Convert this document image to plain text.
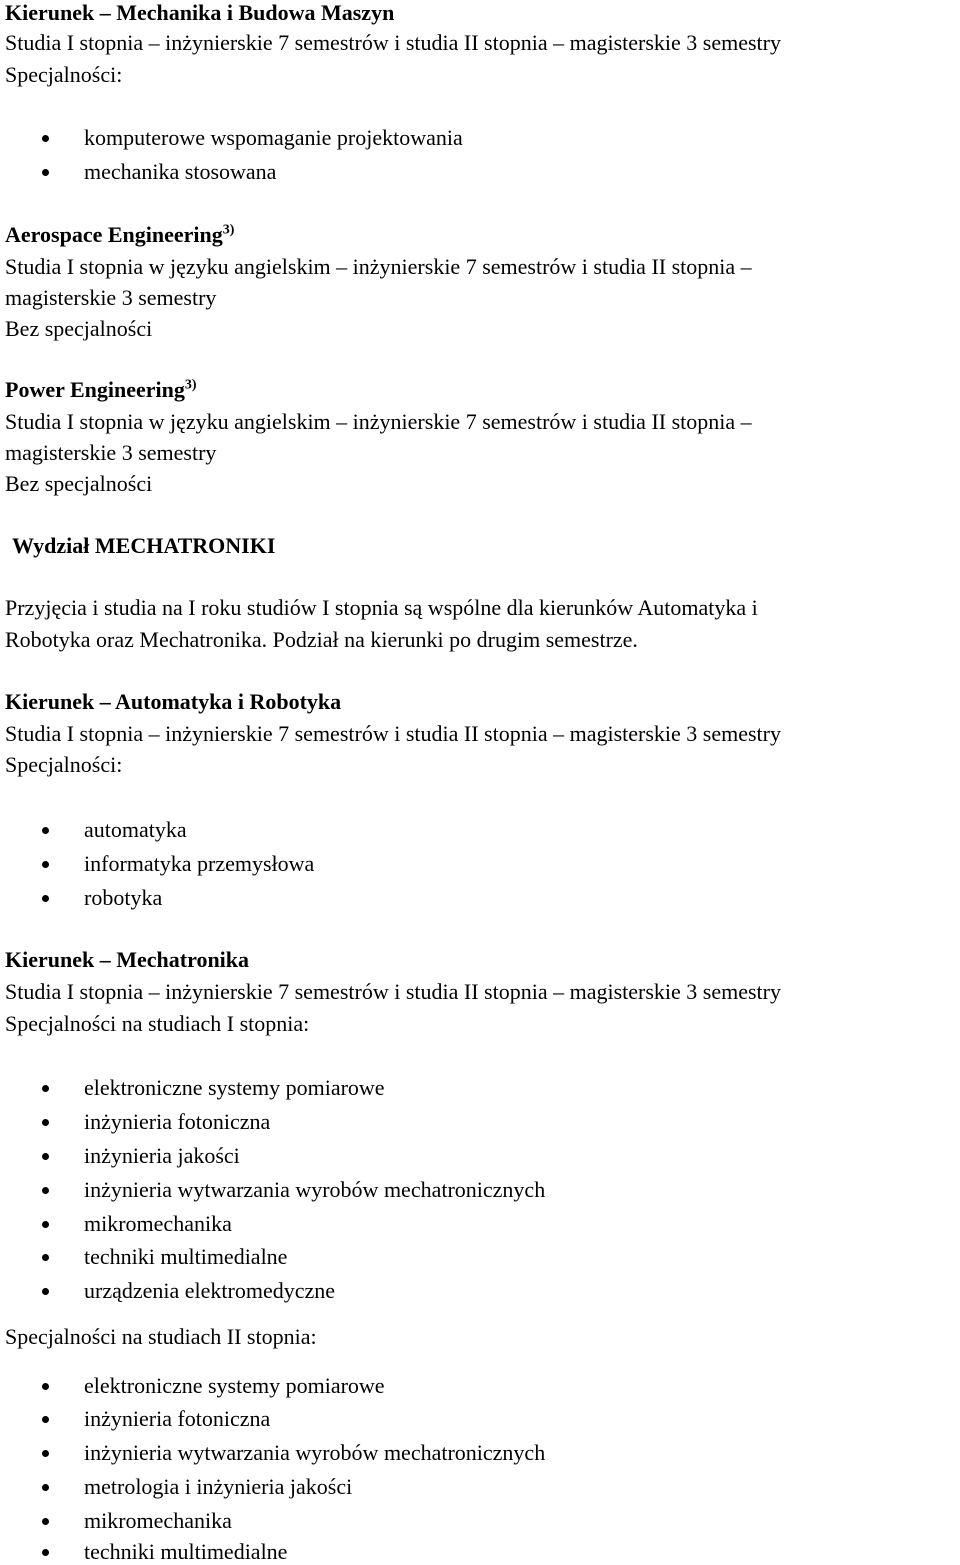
Kierunek – Mechanika i Budowa Maszyn
Studia I stopnia – inżynierskie 7 semestrów i studia II stopnia – magisterskie 3 semestry
Specjalności:
komputerowe wspomaganie projektowania
mechanika stosowana
Aerospace Engineering$^{3)}$
Studia I stopnia w języku angielskim – inżynierskie 7 semestrów i studia II stopnia –
magisterskie 3 semestry
Bez specjalności
Power Engineering$^{3)}$
Studia I stopnia w języku angielskim – inżynierskie 7 semestrów i studia II stopnia –
magisterskie 3 semestry
Bez specjalności
Wydział MECHATRONIKI
Przyjęcia i studia na I roku studiów I stopnia są wspólne dla kierunków Automatyka i
Robotyka oraz Mechatronika. Podział na kierunki po drugim semestrze.
Kierunek – Automatyka i Robotyka
Studia I stopnia – inżynierskie 7 semestrów i studia II stopnia – magisterskie 3 semestry
Specjalności:
automatyka
informatyka przemysłowa
robotyka
Kierunek – Mechatronika
Studia I stopnia – inżynierskie 7 semestrów i studia II stopnia – magisterskie 3 semestry
Specjalności na studiach I stopnia:
elektroniczne systemy pomiarowe
inżynieria fotoniczna
inżynieria jakości
inżynieria wytwarzania wyrobów mechatronicznych
mikromechanika
techniki multimedialne
urządzenia elektromedyczne
Specjalności na studiach II stopnia:
elektroniczne systemy pomiarowe
inżynieria fotoniczna
inżynieria wytwarzania wyrobów mechatronicznych
metrologia i inżynieria jakości
mikromechanika
techniki multimedialne
